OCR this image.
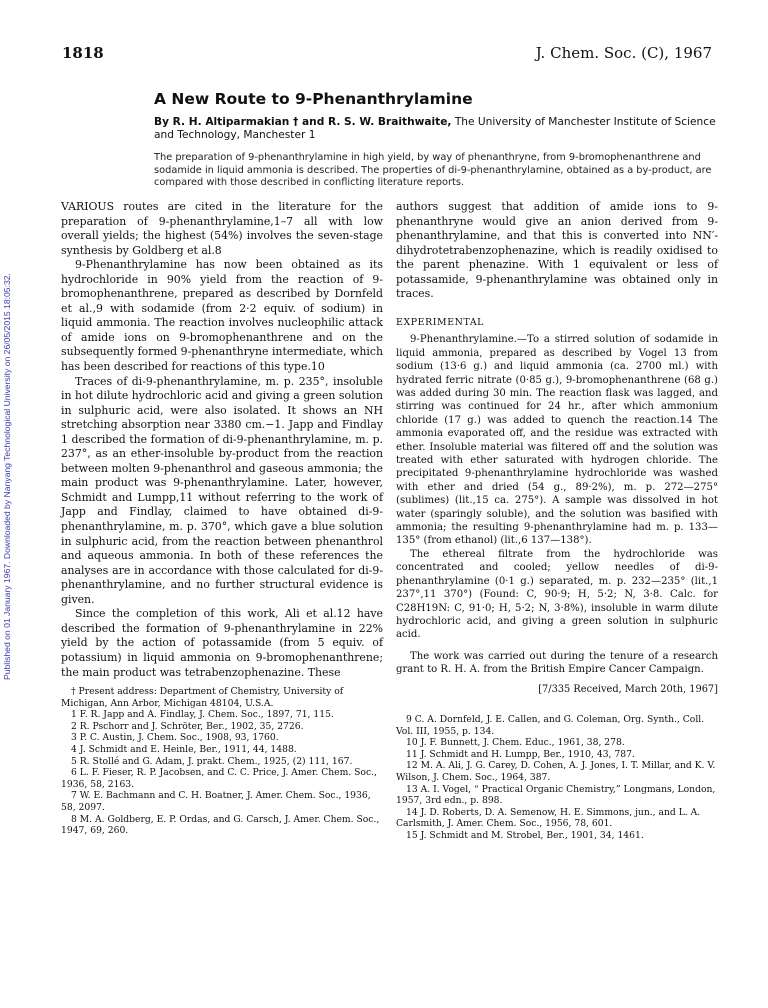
1818	J. Chem. Soc. (C), 1967
Published on 01 January 1967. Downloaded by Nanyang Technological University on 26/05/2015 18:05:32.
A New Route to 9-Phenanthrylamine
By R. H. Altiparmakian † and R. S. W. Braithwaite, The University of Manchester Institute of Science and Technology, Manchester 1
The preparation of 9-phenanthrylamine in high yield, by way of phenanthryne, from 9-bromophenanthrene and sodamide in liquid ammonia is described. The properties of di-9-phenanthrylamine, obtained as a by-product, are compared with those described in conflicting literature reports.

VARIOUS routes are cited in the literature for the preparation of 9-phenanthrylamine,1–7 all with low overall yields; the highest (54%) involves the seven-stage synthesis by Goldberg et al.8

9-Phenanthrylamine has now been obtained as its hydrochloride in 90% yield from the reaction of 9-bromophenanthrene, prepared as described by Dornfeld et al.,9 with sodamide (from 2·2 equiv. of sodium) in liquid ammonia. The reaction involves nucleophilic attack of amide ions on 9-bromophenanthrene and on the subsequently formed 9-phenanthryne intermediate, which has been described for reactions of this type.10

Traces of di-9-phenanthrylamine, m. p. 235°, insoluble in hot dilute hydrochloric acid and giving a green solution in sulphuric acid, were also isolated. It shows an NH stretching absorption near 3380 cm.−1. Japp and Findlay 1 described the formation of di-9-phenanthrylamine, m. p. 237°, as an ether-insoluble by-product from the reaction between molten 9-phenanthrol and gaseous ammonia; the main product was 9-phenanthrylamine. Later, however, Schmidt and Lumpp,11 without referring to the work of Japp and Findlay, claimed to have obtained di-9-phenanthrylamine, m. p. 370°, which gave a blue solution in sulphuric acid, from the reaction between phenanthrol and aqueous ammonia. In both of these references the analyses are in accordance with those calculated for di-9-phenanthrylamine, and no further structural evidence is given.

Since the completion of this work, Ali et al.12 have described the formation of 9-phenanthrylamine in 22% yield by the action of potassamide (from 5 equiv. of potassium) in liquid ammonia on 9-bromophenanthrene; the main product was tetrabenzophenazine. These

authors suggest that addition of amide ions to 9-phenanthryne would give an anion derived from 9-phenanthrylamine, and that this is converted into NN′-dihydrotetrabenzophenazine, which is readily oxidised to the parent phenazine. With 1 equivalent or less of potassamide, 9-phenanthrylamine was obtained only in traces.

EXPERIMENTAL

9-Phenanthrylamine.—To a stirred solution of sodamide in liquid ammonia, prepared as described by Vogel 13 from sodium (13·6 g.) and liquid ammonia (ca. 2700 ml.) with hydrated ferric nitrate (0·85 g.), 9-bromophenanthrene (68 g.) was added during 30 min. The reaction flask was lagged, and stirring was continued for 24 hr., after which ammonium chloride (17 g.) was added to quench the reaction.14 The ammonia evaporated off, and the residue was extracted with ether. Insoluble material was filtered off and the solution was treated with ether saturated with hydrogen chloride. The precipitated 9-phenanthrylamine hydrochloride was washed with ether and dried (54 g., 89·2%), m. p. 272—275° (sublimes) (lit.,15 ca. 275°). A sample was dissolved in hot water (sparingly soluble), and the solution was basified with ammonia; the resulting 9-phenanthrylamine had m. p. 133—135° (from ethanol) (lit.,6 137—138°).

The ethereal filtrate from the hydrochloride was concentrated and cooled; yellow needles of di-9-phenanthrylamine (0·1 g.) separated, m. p. 232—235° (lit.,1 237°,11 370°) (Found: C, 90·9; H, 5·2; N, 3·8. Calc. for C28H19N: C, 91·0; H, 5·2; N, 3·8%), insoluble in warm dilute hydrochloric acid, and giving a green solution in sulphuric acid.

The work was carried out during the tenure of a research grant to R. H. A. from the British Empire Cancer Campaign.

[7/335 Received, March 20th, 1967]

† Present address: Department of Chemistry, University of Michigan, Ann Arbor, Michigan 48104, U.S.A.

1 F. R. Japp and A. Findlay, J. Chem. Soc., 1897, 71, 115.

2 R. Pschorr and J. Schröter, Ber., 1902, 35, 2726.

3 P. C. Austin, J. Chem. Soc., 1908, 93, 1760.

4 J. Schmidt and E. Heinle, Ber., 1911, 44, 1488.

5 R. Stollé and G. Adam, J. prakt. Chem., 1925, (2) 111, 167.

6 L. F. Fieser, R. P. Jacobsen, and C. C. Price, J. Amer. Chem. Soc., 1936, 58, 2163.

7 W. E. Bachmann and C. H. Boatner, J. Amer. Chem. Soc., 1936, 58, 2097.

8 M. A. Goldberg, E. P. Ordas, and G. Carsch, J. Amer. Chem. Soc., 1947, 69, 260.

9 C. A. Dornfeld, J. E. Callen, and G. Coleman, Org. Synth., Coll. Vol. III, 1955, p. 134.

10 J. F. Bunnett, J. Chem. Educ., 1961, 38, 278.

11 J. Schmidt and H. Lumpp, Ber., 1910, 43, 787.

12 M. A. Ali, J. G. Carey, D. Cohen, A. J. Jones, I. T. Millar, and K. V. Wilson, J. Chem. Soc., 1964, 387.

13 A. I. Vogel, “ Practical Organic Chemistry,” Longmans, London, 1957, 3rd edn., p. 898.

14 J. D. Roberts, D. A. Semenow, H. E. Simmons, jun., and L. A. Carlsmith, J. Amer. Chem. Soc., 1956, 78, 601.

15 J. Schmidt and M. Strobel, Ber., 1901, 34, 1461.
